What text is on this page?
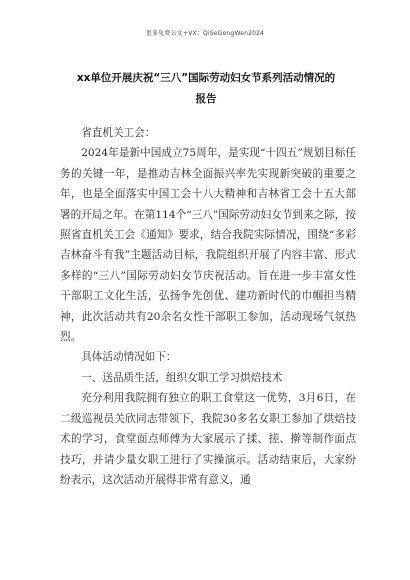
更多免费公文+VX：QiSeGongWen2024
xx单位开展庆祝“三八”国际劳动妇女节系列活动情况的
报告

省直机关工会：

2024年是新中国成立75周年，是实现“十四五”规划目标任务的关键一年，是推动吉林全面振兴率先实现新突破的重要之年，也是全面落实中国工会十八大精神和吉林省工会十五大部署的开局之年。在第114个“三八”国际劳动妇女节到来之际，按照省直机关工会《通知》要求，结合我院实际情况，围绕“多彩吉林奋斗有我”主题活动目标，我院组织开展了内容丰富、形式多样的“三八”国际劳动妇女节庆祝活动。旨在进一步丰富女性干部职工文化生活，弘扬争先创优、建功新时代的巾帼担当精神，此次活动共有20余名女性干部职工参加，活动现场气氛热烈。

具体活动情况如下：

一、送品质生活，组织女职工学习烘焙技术

充分利用我院拥有独立的职工食堂这一优势，3月6日，在二级巡视员关欣同志带领下，我院30多名女职工参加了烘焙技术的学习，食堂面点师傅为大家展示了揉、搓、擀等制作面点技巧，并请少量女职工进行了实操演示。活动结束后，大家纷纷表示，这次活动开展得非常有意义，通
